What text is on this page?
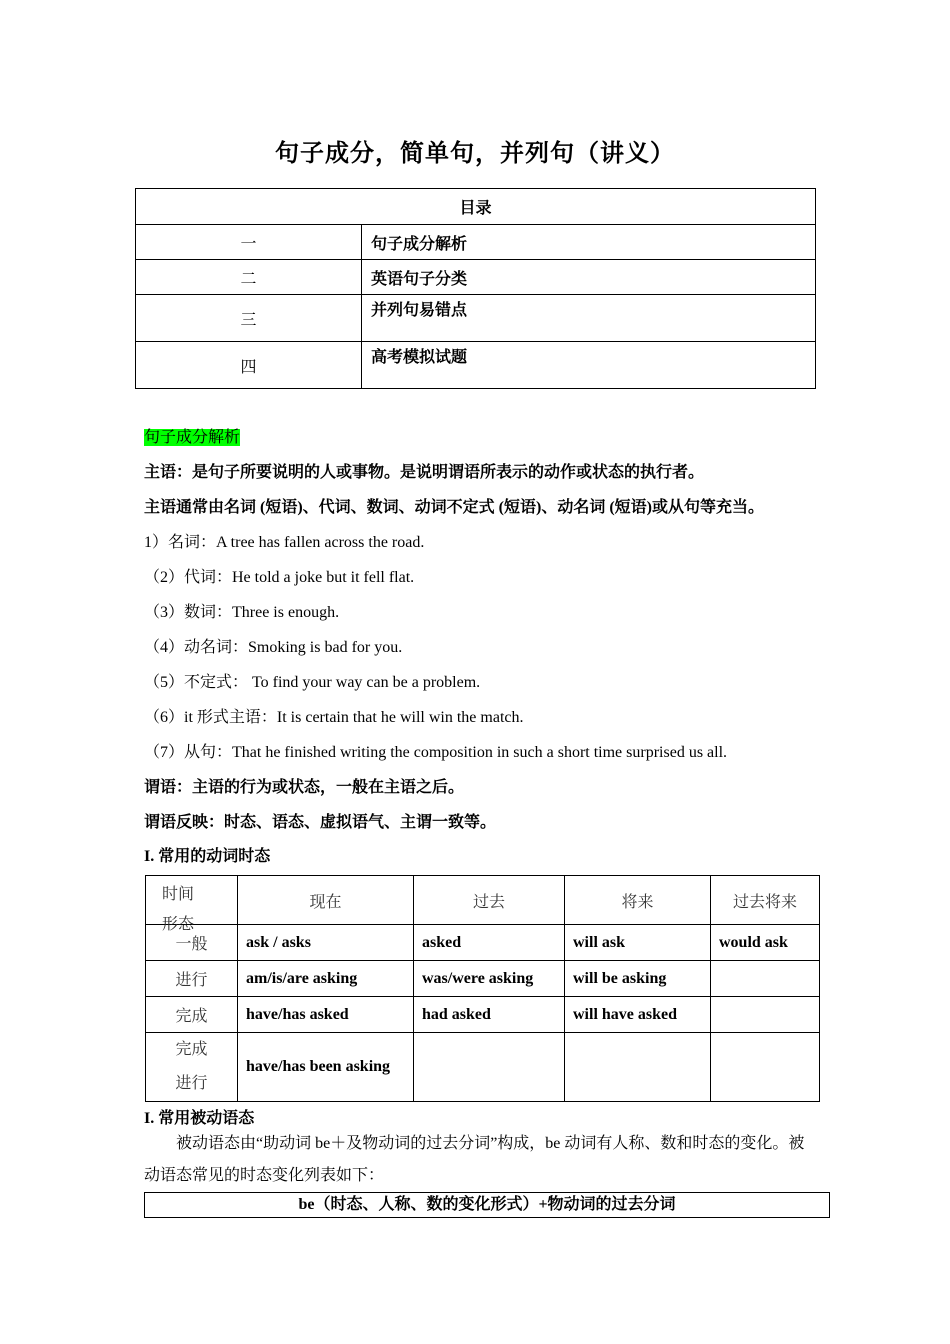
句子成分，简单句，并列句（讲义）
目录	
一	句子成分解析
二	英语句子分类
三	并列句易错点
四	高考模拟试题
句子成分解析
主语：是句子所要说明的人或事物。是说明谓语所表示的动作或状态的执行者。
主语通常由名词 (短语)、代词、数词、动词不定式 (短语)、动名词 (短语)或从句等充当。
1）名词：A tree has fallen across the road.
（2）代词：He told a joke but it fell flat.
（3）数词：Three is enough.
（4）动名词：Smoking is bad for you.
（5）不定式： To find your way can be a problem.
（6）it 形式主语：It is certain that he will win the match.
（7）从句：That he finished writing the composition in such a short time surprised us all.
谓语：主语的行为或状态，一般在主语之后。
谓语反映：时态、语态、虚拟语气、主谓一致等。
I. 常用的动词时态
时间
形态	现在	过去	将来	过去将来
一般	ask / asks	asked	will ask	would ask
进行	am/is/are asking	was/were asking	will be asking	
完成	have/has asked	had asked	will have asked	

完成
进行	have/has been asking			
I. 常用被动语态
被动语态由“助动词 be＋及物动词的过去分词”构成，be 动词有人称、数和时态的变化。被动语态常见的时态变化列表如下：
be（时态、人称、数的变化形式）+物动词的过去分词
